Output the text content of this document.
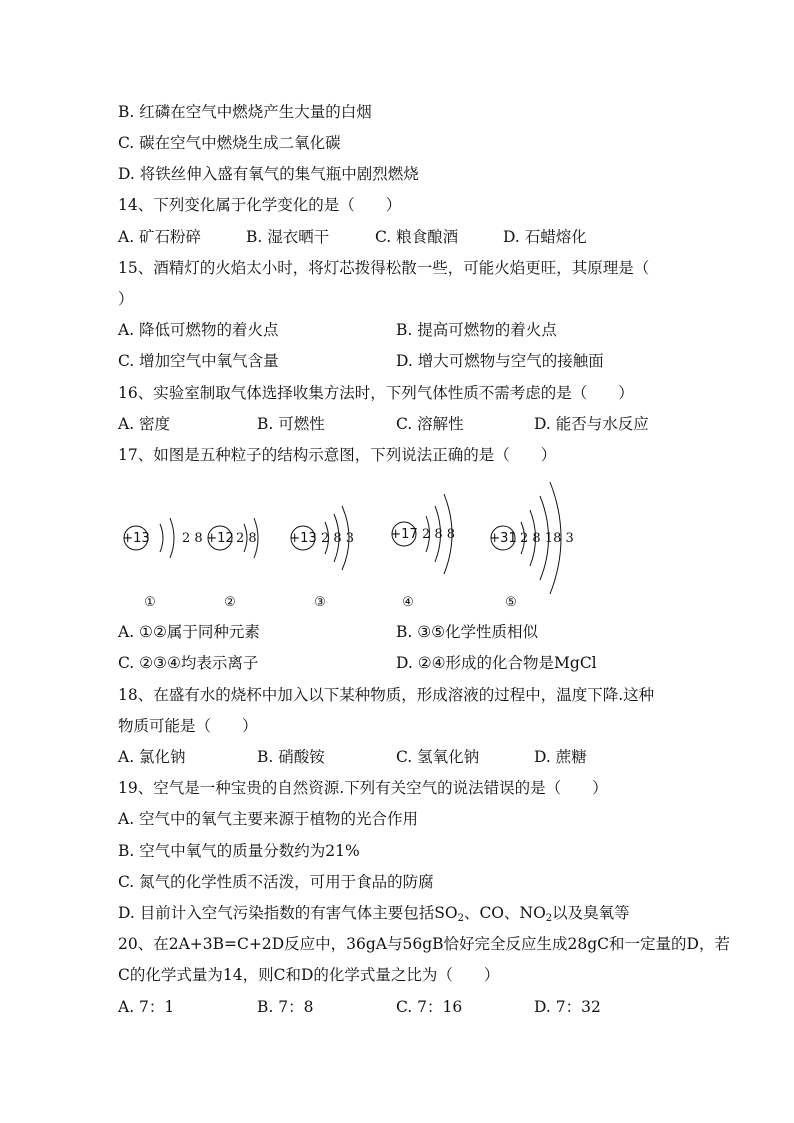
B. 红磷在空气中燃烧产生大量的白烟
C. 碳在空气中燃烧生成二氧化碳
D. 将铁丝伸入盛有氧气的集气瓶中剧烈燃烧
14、下列变化属于化学变化的是（　　）
A. 矿石粉碎	B. 湿衣晒干	C. 粮食酿酒	D. 石蜡熔化
15、酒精灯的火焰太小时，将灯芯拨得松散一些，可能火焰更旺，其原理是（
）
A. 降低可燃物的着火点	B. 提高可燃物的着火点
C. 增加空气中氧气含量	D. 增大可燃物与空气的接触面
16、实验室制取气体选择收集方法时，下列气体性质不需考虑的是（　　）
A. 密度	B. 可燃性	C. 溶解性	D. 能否与水反应
17、如图是五种粒子的结构示意图，下列说法正确的是（　　）
+13 2 8
①
+12 2 8
②
+13 2 8 3
③
+17 2 8 8
④
+31 2 8 18 3
⑤
A. ①②属于同种元素	B. ③⑤化学性质相似
C. ②③④均表示离子	D. ②④形成的化合物是MgCl
18、在盛有水的烧杯中加入以下某种物质，形成溶液的过程中，温度下降.这种
物质可能是（　　）
A. 氯化钠	B. 硝酸铵	C. 氢氧化钠	D. 蔗糖
19、空气是一种宝贵的自然资源.下列有关空气的说法错误的是（　　）
A. 空气中的氧气主要来源于植物的光合作用
B. 空气中氧气的质量分数约为21%
C. 氮气的化学性质不活泼，可用于食品的防腐
D. 目前计入空气污染指数的有害气体主要包括$SO_2$、CO、$NO_2$以及臭氧等
20、在2A+3B=C+2D反应中，36gA与56gB恰好完全反应生成28gC和一定量的D，若
C的化学式量为14，则C和D的化学式量之比为（　　）
A. 7：1	B. 7：8	C. 7：16	D. 7：32
